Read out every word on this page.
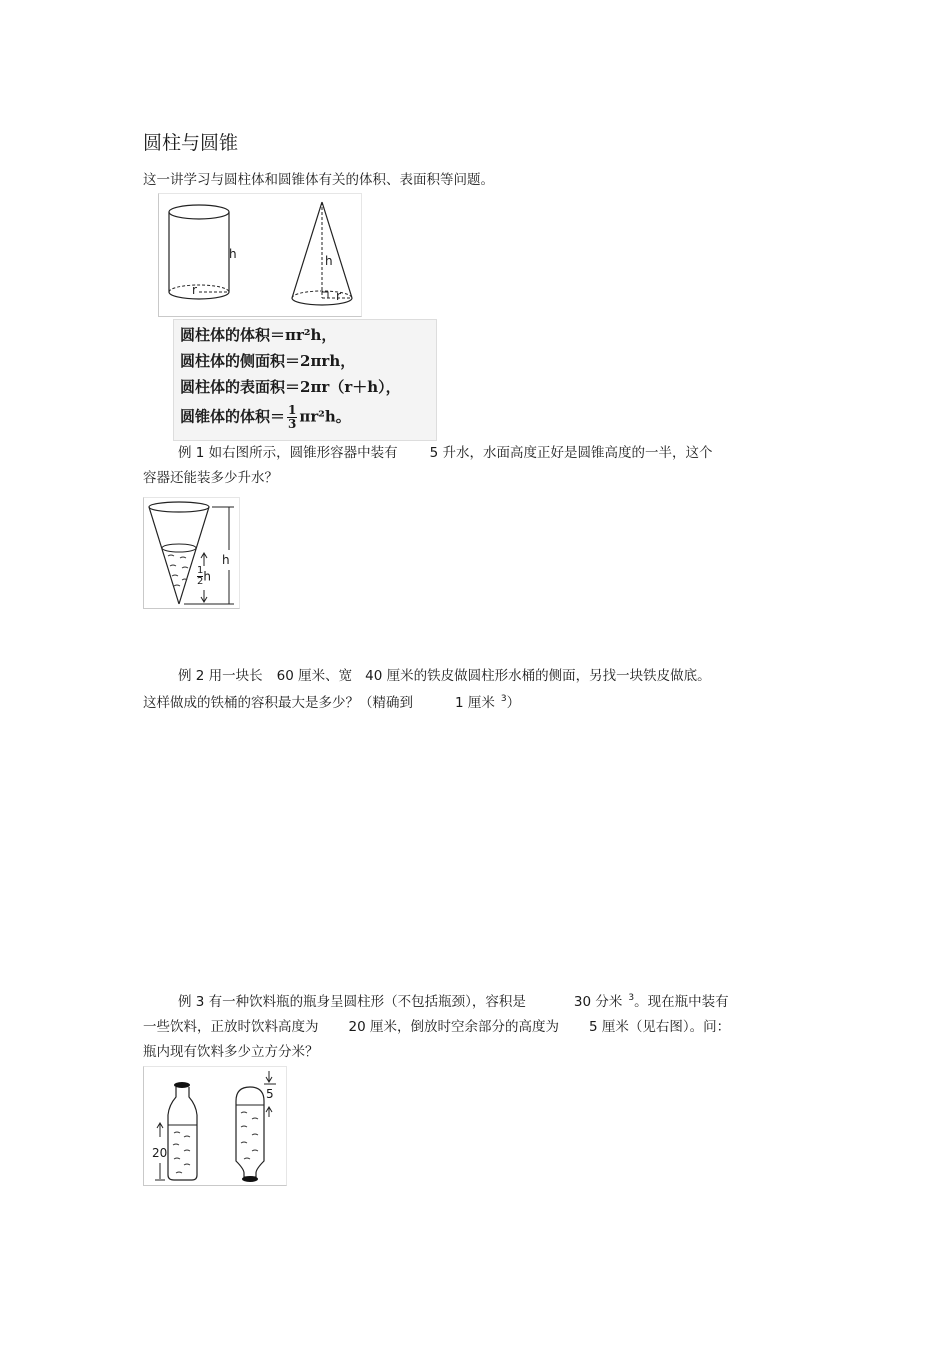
圆柱与圆锥
这一讲学习与圆柱体和圆锥体有关的体积、表面积等问题。
h
r
h
r
圆柱体的体积＝πr²h，
圆柱体的侧面积＝2πrh，
圆柱体的表面积＝2πr（r＋h），
圆锥体的体积＝ $\frac{1}{3} \pi r^2h$。
例 1 如右图所示，圆锥形容器中装有 5 升水，水面高度正好是圆锥高度的一半，这个
容器还能装多少升水？
h
$\frac{1}{2}$ h
例 2 用一块长 60 厘米、宽 40 厘米的铁皮做圆柱形水桶的侧面，另找一块铁皮做底。
这样做成的铁桶的容积最大是多少？（精确到	1 厘米 $^3$）
例 3 有一种饮料瓶的瓶身呈圆柱形（不包括瓶颈），容积是	30 分米 $^3$。现在瓶中装有
一些饮料，正放时饮料高度为 20 厘米，倒放时空余部分的高度为 5 厘米（见右图）。问：
瓶内现有饮料多少立方分米？
20
5
